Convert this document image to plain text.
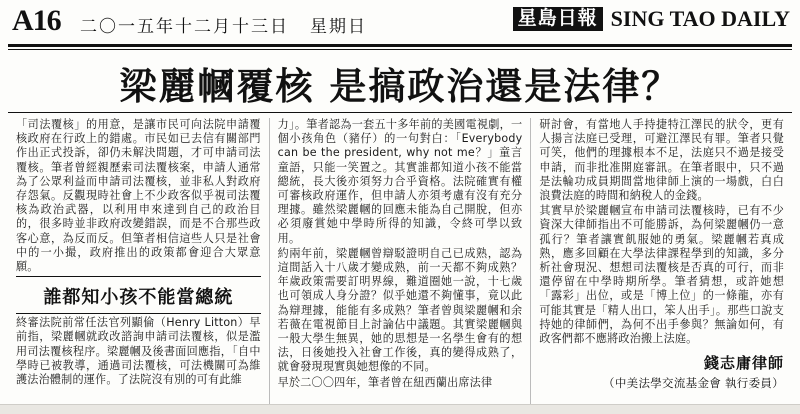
A16 二〇一五年十二月十三日 星期日	星島日報 SING TAO DAILY
梁麗幗覆核 是搞政治還是法律？

「司法覆核」的用意，是讓市民可向法院申請覆核政府在行政上的錯處。市民如已去信有關部門作出正式投訴，卻仍未解決問題，才可申請司法覆核。筆者曾經親歷索司法覆核案，申請人通常為了公眾利益而申請司法覆核，並非私人對政府存怨氣。反觀現時社會上不少政客似乎視司法覆核為政治武器，以利用申來達到自己的政治目的，很多時並非政府改變錯誤，而是不合那些政客心意，為反而反。但筆者相信這些人只是社會中的一小撮，政府推出的政策都會迎合大眾意願。

誰都知小孩不能當總統

終審法院前常任法官列顯倫（Henry Litton）早前指，梁麗幗就政改諮詢申請司法覆核，似是濫用司法覆核程序。梁麗幗及後書面回應指，「自中學時已被教導，通過司法覆核，可法機關可為維護法治體制的運作。了法院沒有別的可有此維

力」。筆者認為一套五十多年前的美國電視劇，一個小孩角色（豬仔）的一句對白：「Everybody can be the president, why not me？」童言童語，只能一笑置之。其實誰都知道小孩不能當總統，長大後亦須努力合乎資格。法院確實有權可審核政府運作，但申請人亦須考慮有沒有充分理據。雖然梁麗幗的回應未能為自己開脫，但亦必須廢賞她中學時所得的知識，令終可學以致用。

約兩年前，梁麗幗曾辯駁證明自己已成熟，認為這間話入十八歲才變成熟，前一天都不夠成熟？年歲政策需要訂明界線，難道圈她一說，十七歲也可領成人身分證？似乎她還不夠懂事，竟以此為辯理據，能能有多成熟？筆者曾與梁麗幗和余若薇在電視節目上討論佔中議題。其實梁麗幗與一般大學生無異，她的思想是一名學生會有的想法，日後她投入社會工作後，真的變得成熟了，就會發現現實與她想像的不同。

早於二〇〇四年，筆者曾在紐西蘭出席法律

研討會，有當地人手持捷特江澤民的狀令，更有人揚言法庭已受理，可避江澤民有罪。筆者只覺可笑，他們的理據根本不足，法庭只不過是接受申請，而非批准開庭審訊。在筆者眼中，只不過是法輪功成員期間當地律師上演的一場戲，白白浪費法庭的時間和納稅人的金錢。

其實早於梁麗幗宣布申請司法覆核時，已有不少資深大律師指出不可能勝訴，為何梁麗幗仍一意孤行？筆者讓實飢服她的勇氣。梁麗幗若真成熟，應多回顧在大學法律課程學到的知識，多分析社會現況、想想司法覆核是否真的可行，而非還停留在中學時期所學。筆者猜想，或許她想「露彩」出位，或是「博上位」的一條龍，亦有可能其實是「精人出口，笨人出手」。那些口說支持她的律師們，為何不出手參與？無論如何，有政客們都不應將政治搬上法庭。

錢志庸律師
（中美法學交流基金會 執行委員）
